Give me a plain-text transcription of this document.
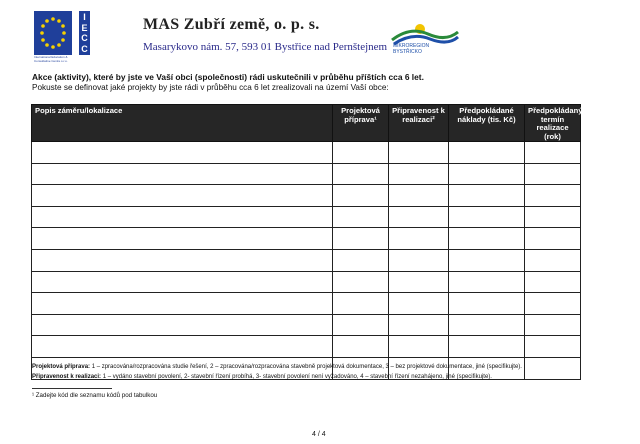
International Education & Consultative Centre s.r.o.
I
E
C
C
MAS Zubří země, o. p. s.
Masarykovo nám. 57, 593 01 Bystřice nad Pernštejnem MIKROREGION
BYSTŘICKO
Akce (aktivity), které by jste ve Vaší obci (společnosti) rádi uskutečnili v průběhu příštích cca 6 let.
Pokuste se definovat jaké projekty by jste rádi v průběhu cca 6 let zrealizovali na území Vaší obce:
Popis záměru/lokalizace	Projektová příprava¹	Připravenost k realizaci²	Předpokládané náklady (tis. Kč)	Předpokládaný termín realizace (rok)

Projektová příprava: 1 – zpracována/rozpracována studie řešení, 2 – zpracována/rozpracována stavebně projektová dokumentace, 3 – bez projektové dokumentace, jiné (specifikujte).
Připravenost k realizaci: 1 – vydáno stavební povolení, 2- stavební řízení probíhá, 3- stavební povolení není vyžadováno, 4 – stavební řízení nezahájeno, jiné (specifikujte).
¹ Zadejte kód dle seznamu kódů pod tabulkou
4 / 4
